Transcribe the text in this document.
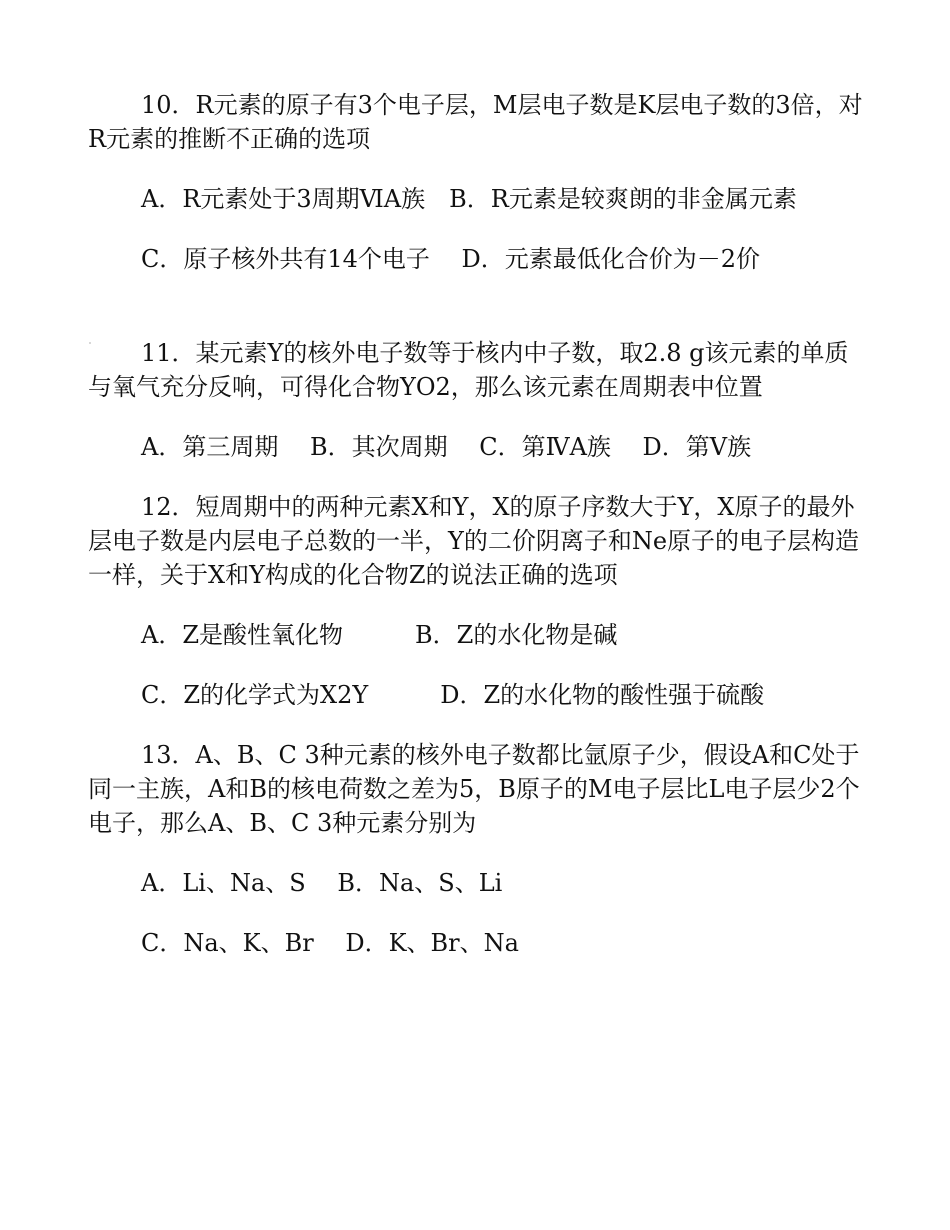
10．R元素的原子有3个电子层，M层电子数是K层电子数的3倍，对R元素的推断不正确的选项

A．R元素处于3周期ⅥA族　B．R元素是较爽朗的非金属元素

C．原子核外共有14个电子　 D．元素最低化合价为－2价

11．某元素Y的核外电子数等于核内中子数，取2.8 g该元素的单质与氧气充分反响，可得化合物YO2，那么该元素在周期表中位置

A．第三周期　 B．其次周期　 C．第ⅣA族　 D．第Ⅴ族

12．短周期中的两种元素X和Y，X的原子序数大于Y，X原子的最外层电子数是内层电子总数的一半，Y的二价阴离子和Ne原子的电子层构造一样，关于X和Y构成的化合物Z的说法正确的选项

A．Z是酸性氧化物　　　B．Z的水化物是碱

C．Z的化学式为X2Y　　　D．Z的水化物的酸性强于硫酸

13．A、B、C 3种元素的核外电子数都比氩原子少，假设A和C处于同一主族，A和B的核电荷数之差为5，B原子的M电子层比L电子层少2个电子，那么A、B、C 3种元素分别为

A．Li、Na、S　 B．Na、S、Li

C．Na、K、Br　 D．K、Br、Na
